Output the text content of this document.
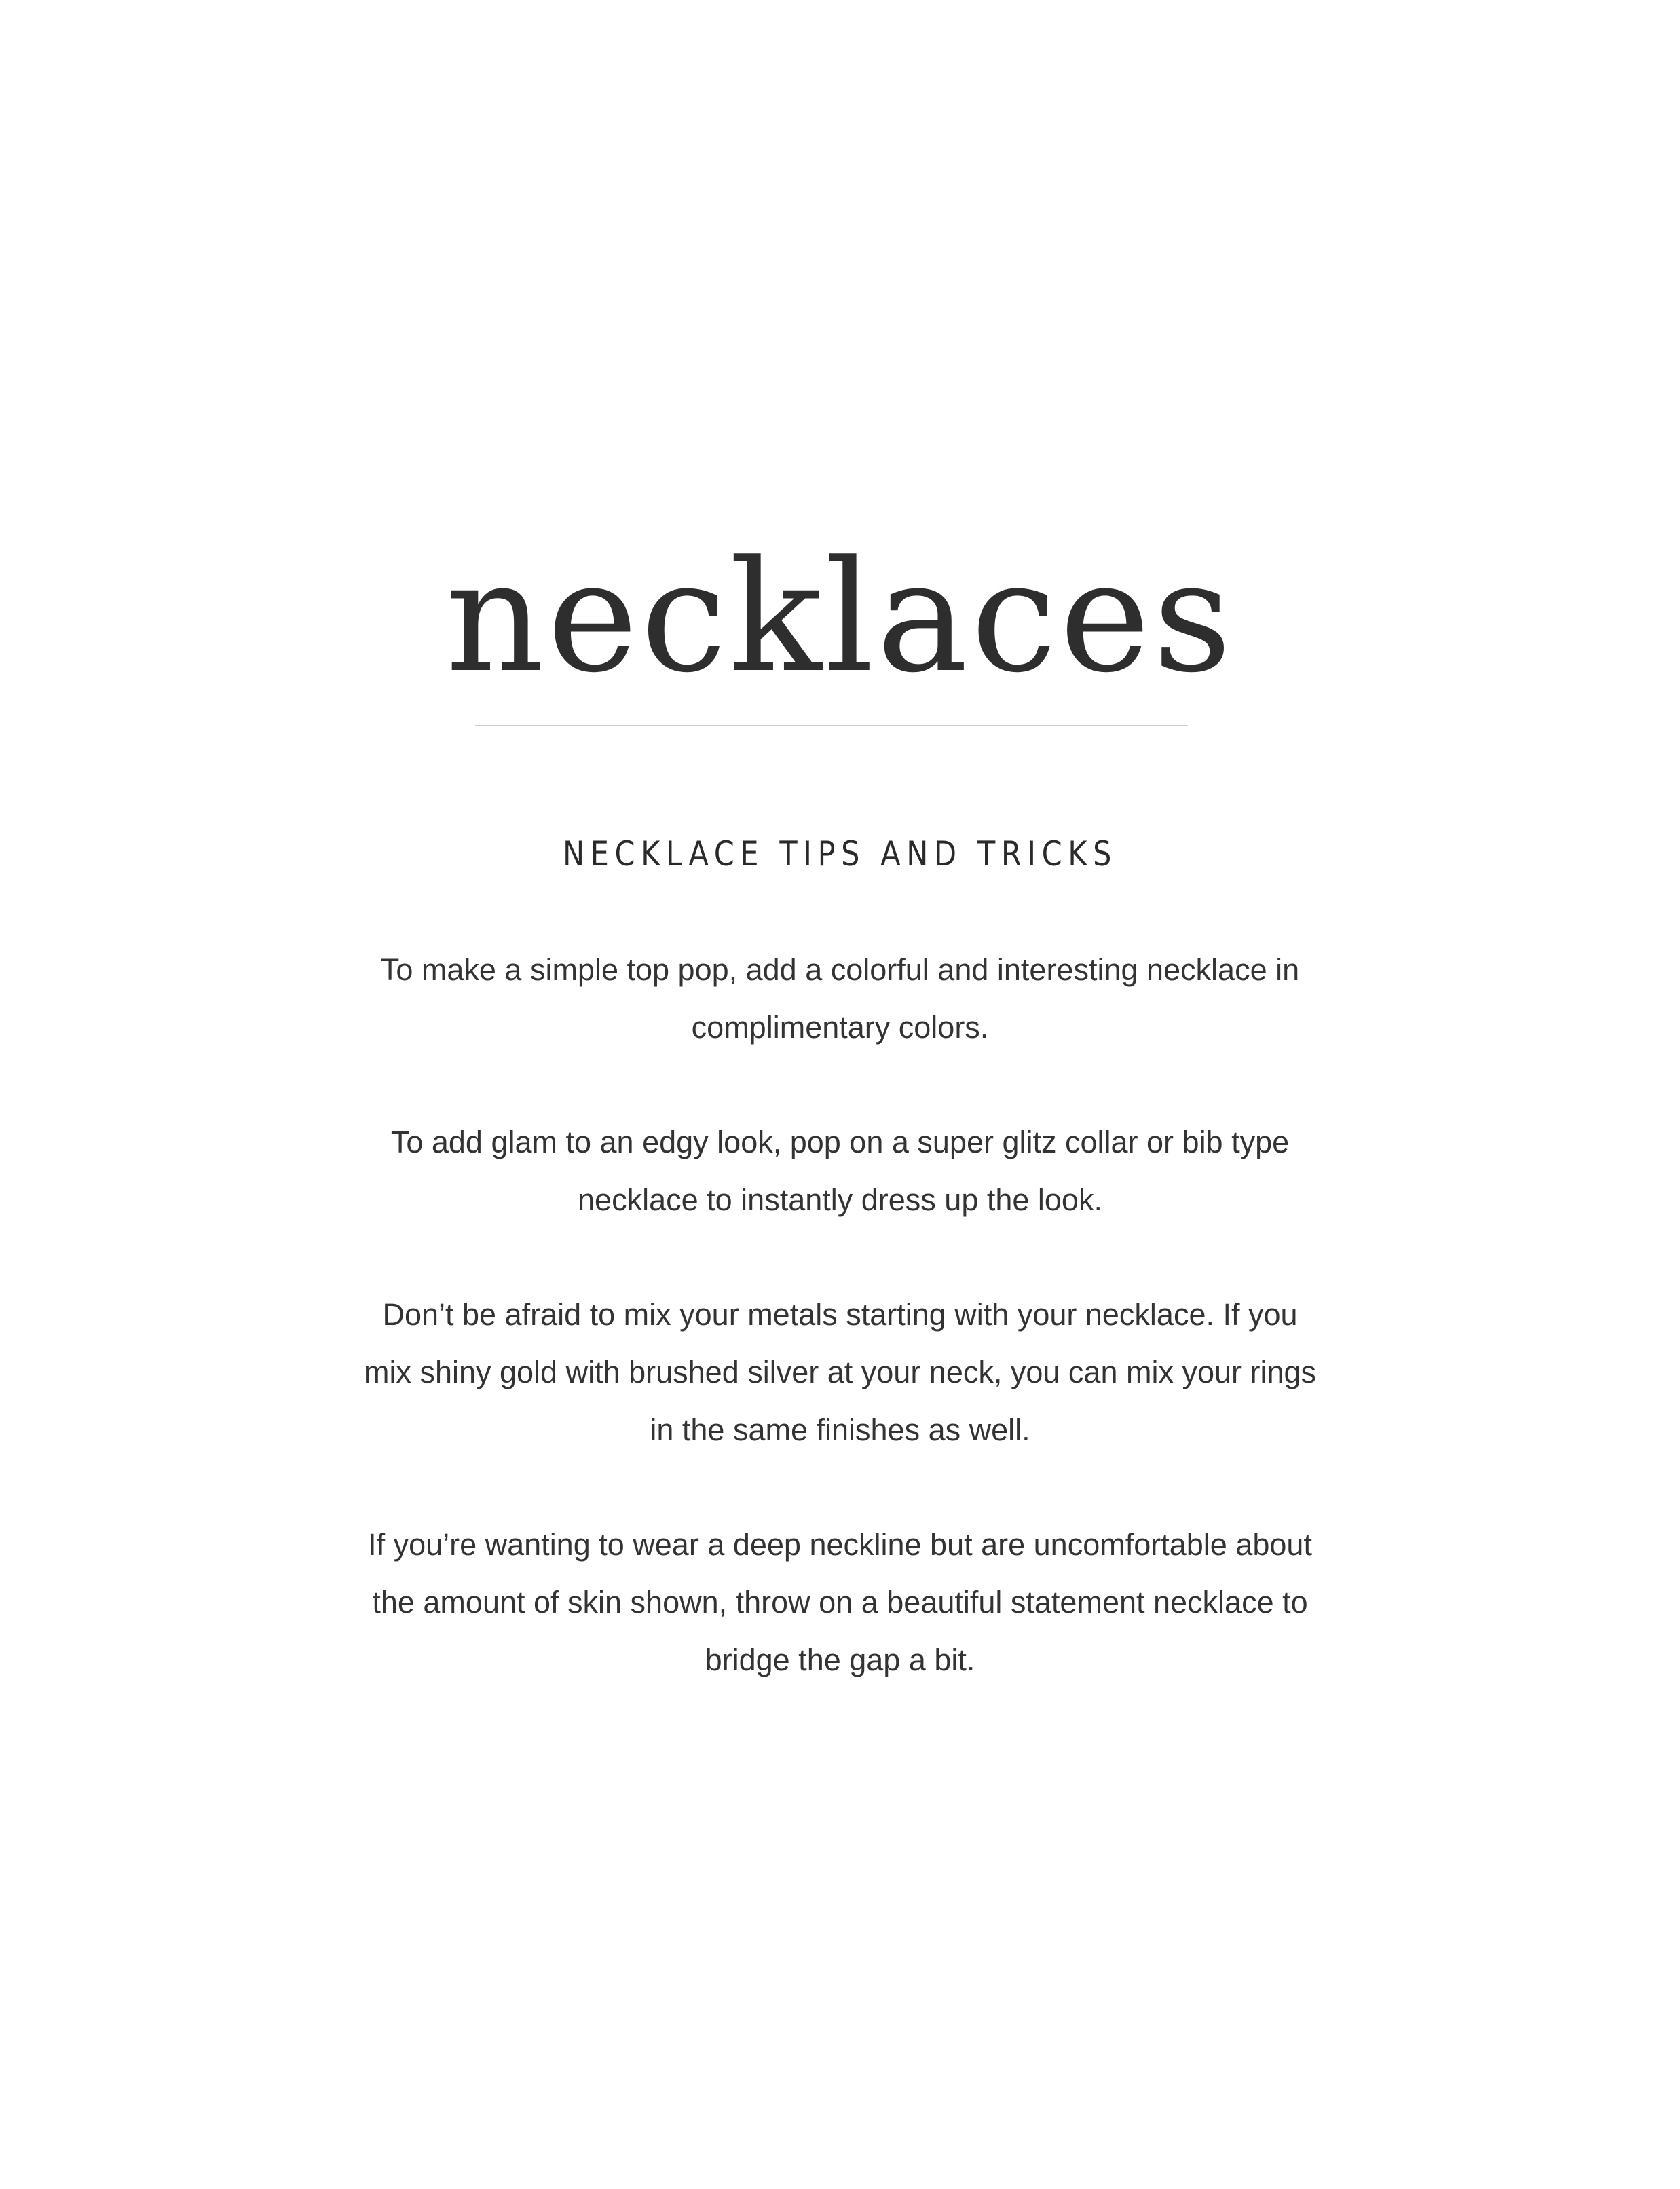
necklaces
NECKLACE TIPS AND TRICKS

To make a simple top pop, add a colorful and interesting necklace in complimentary colors.

To add glam to an edgy look, pop on a super glitz collar or bib type necklace to instantly dress up the look.

Don’t be afraid to mix your metals starting with your necklace. If you mix shiny gold with brushed silver at your neck, you can mix your rings in the same finishes as well.

If you’re wanting to wear a deep neckline but are uncomfortable about the amount of skin shown, throw on a beautiful statement necklace to bridge the gap a bit.
